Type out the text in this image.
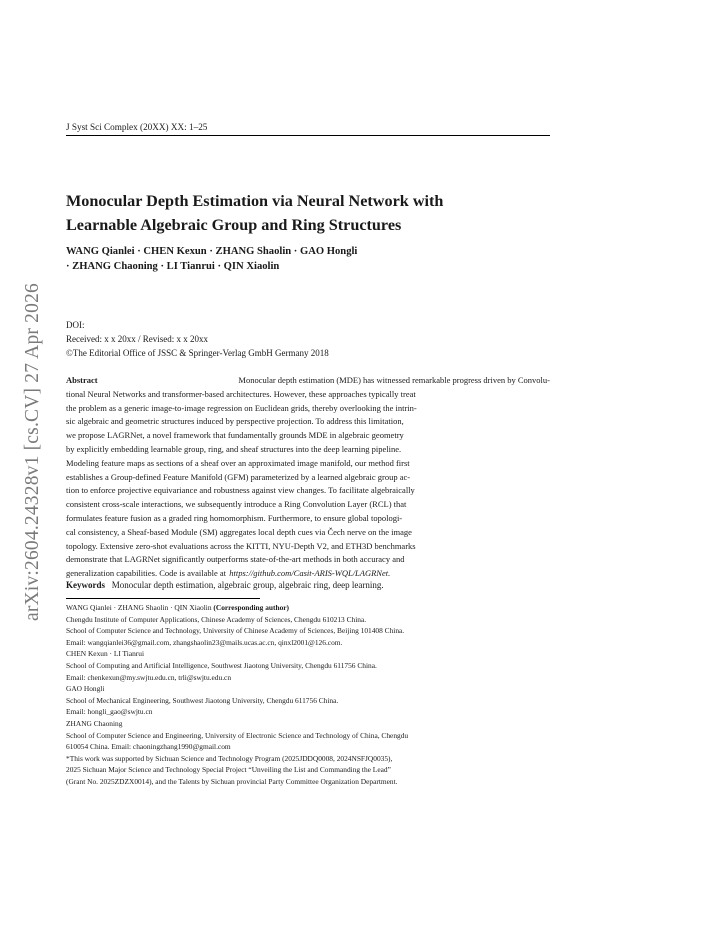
arXiv:2604.24328v1 [cs.CV] 27 Apr 2026
J Syst Sci Complex (20XX) XX: 1–25
Monocular Depth Estimation via Neural Network with
Learnable Algebraic Group and Ring Structures
WANG Qianlei · CHEN Kexun · ZHANG Shaolin · GAO Hongli
· ZHANG Chaoning · LI Tianrui · QIN Xiaolin
DOI:
Received: x x 20xx / Revised: x x 20xx
©The Editorial Office of JSSC & Springer-Verlag GmbH Germany 2018
Abstract	Monocular depth estimation (MDE) has witnessed remarkable progress driven by Convolu-
tional Neural Networks and transformer-based architectures. However, these approaches typically treat
the problem as a generic image-to-image regression on Euclidean grids, thereby overlooking the intrin-
sic algebraic and geometric structures induced by perspective projection. To address this limitation,
we propose LAGRNet, a novel framework that fundamentally grounds MDE in algebraic geometry
by explicitly embedding learnable group, ring, and sheaf structures into the deep learning pipeline.
Modeling feature maps as sections of a sheaf over an approximated image manifold, our method first
establishes a Group-defined Feature Manifold (GFM) parameterized by a learned algebraic group ac-
tion to enforce projective equivariance and robustness against view changes. To facilitate algebraically
consistent cross-scale interactions, we subsequently introduce a Ring Convolution Layer (RCL) that
formulates feature fusion as a graded ring homomorphism. Furthermore, to ensure global topologi-
cal consistency, a Sheaf-based Module (SM) aggregates local depth cues via Čech nerve on the image
topology. Extensive zero-shot evaluations across the KITTI, NYU-Depth V2, and ETH3D benchmarks
demonstrate that LAGRNet significantly outperforms state-of-the-art methods in both accuracy and
generalization capabilities. Code is available at https://github.com/Casit-ARIS-WQL/LAGRNet.
Keywords Monocular depth estimation, algebraic group, algebraic ring, deep learning.
WANG Qianlei · ZHANG Shaolin · QIN Xiaolin (Corresponding author)
Chengdu Institute of Computer Applications, Chinese Academy of Sciences, Chengdu 610213 China.
School of Computer Science and Technology, University of Chinese Academy of Sciences, Beijing 101408 China.
Email: wangqianlei36@gmail.com, zhangshaolin23@mails.ucas.ac.cn, qinxl2001@126.com.
CHEN Kexun · LI Tianrui
School of Computing and Artificial Intelligence, Southwest Jiaotong University, Chengdu 611756 China.
Email: chenkexun@my.swjtu.edu.cn, trli@swjtu.edu.cn
GAO Hongli
School of Mechanical Engineering, Southwest Jiaotong University, Chengdu 611756 China.
Email: hongli_gao@swjtu.cn
ZHANG Chaoning
School of Computer Science and Engineering, University of Electronic Science and Technology of China, Chengdu
610054 China. Email: chaoningzhang1990@gmail.com
*This work was supported by Sichuan Science and Technology Program (2025JDDQ0008, 2024NSFJQ0035),
2025 Sichuan Major Science and Technology Special Project “Unveiling the List and Commanding the Lead”
(Grant No. 2025ZDZX0014), and the Talents by Sichuan provincial Party Committee Organization Department.
